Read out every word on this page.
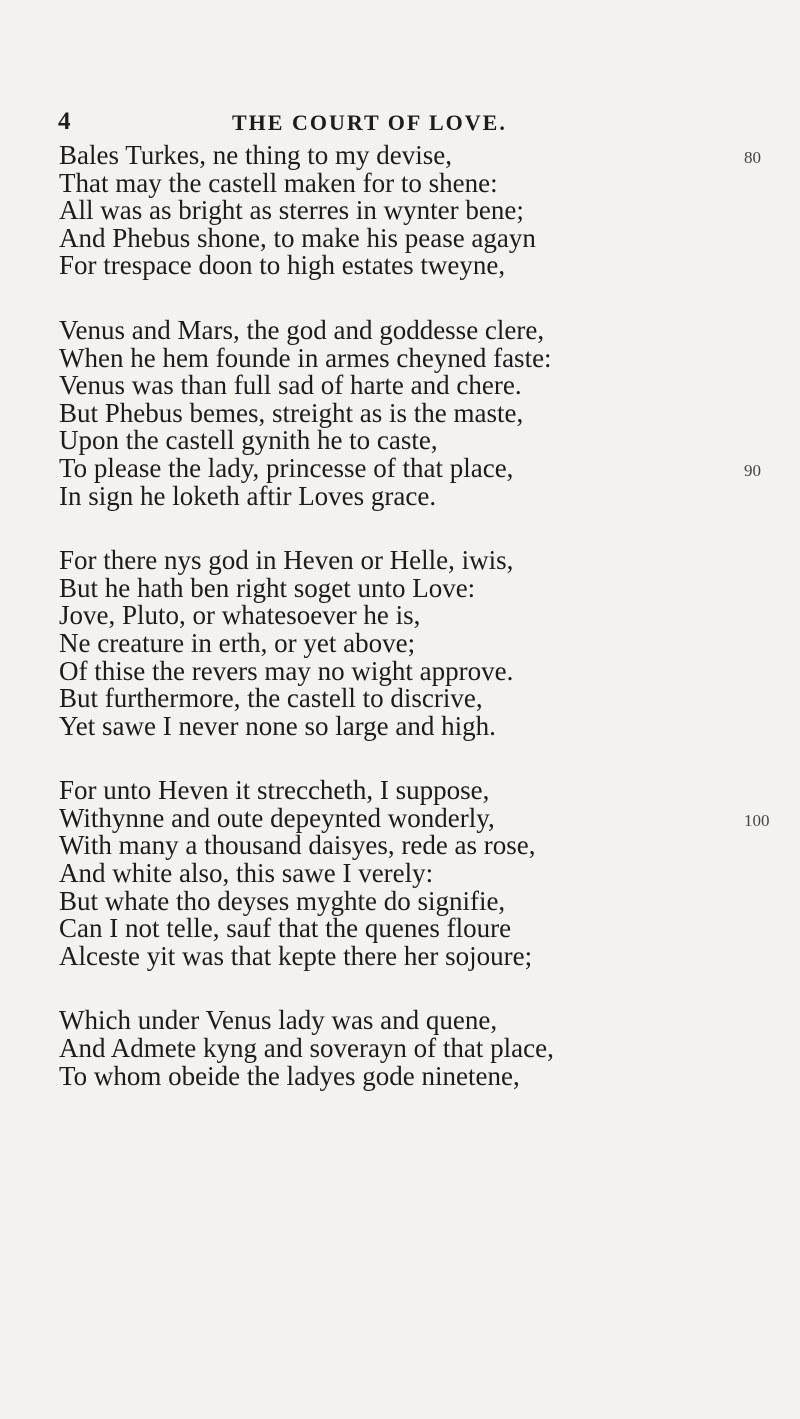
4	THE COURT OF LOVE.
Bales Turkes, ne thing to my devise,	80
That may the castell maken for to shene:
All was as bright as sterres in wynter bene;
And Phebus shone, to make his pease agayn
For trespace doon to high estates tweyne,
Venus and Mars, the god and goddesse clere,
When he hem founde in armes cheyned faste:
Venus was than full sad of harte and chere.
But Phebus bemes, streight as is the maste,
Upon the castell gynith he to caste,
To please the lady, princesse of that place,	90
In sign he loketh aftir Loves grace.
For there nys god in Heven or Helle, iwis,
But he hath ben right soget unto Love:
Jove, Pluto, or whatesoever he is,
Ne creature in erth, or yet above;
Of thise the revers may no wight approve.
But furthermore, the castell to discrive,
Yet sawe I never none so large and high.
For unto Heven it streccheth, I suppose,
Withynne and oute depeynted wonderly,	100
With many a thousand daisyes, rede as rose,
And white also, this sawe I verely:
But whate tho deyses myghte do signifie,
Can I not telle, sauf that the quenes floure
Alceste yit was that kepte there her sojoure;
Which under Venus lady was and quene,
And Admete kyng and soverayn of that place,
To whom obeide the ladyes gode ninetene,
